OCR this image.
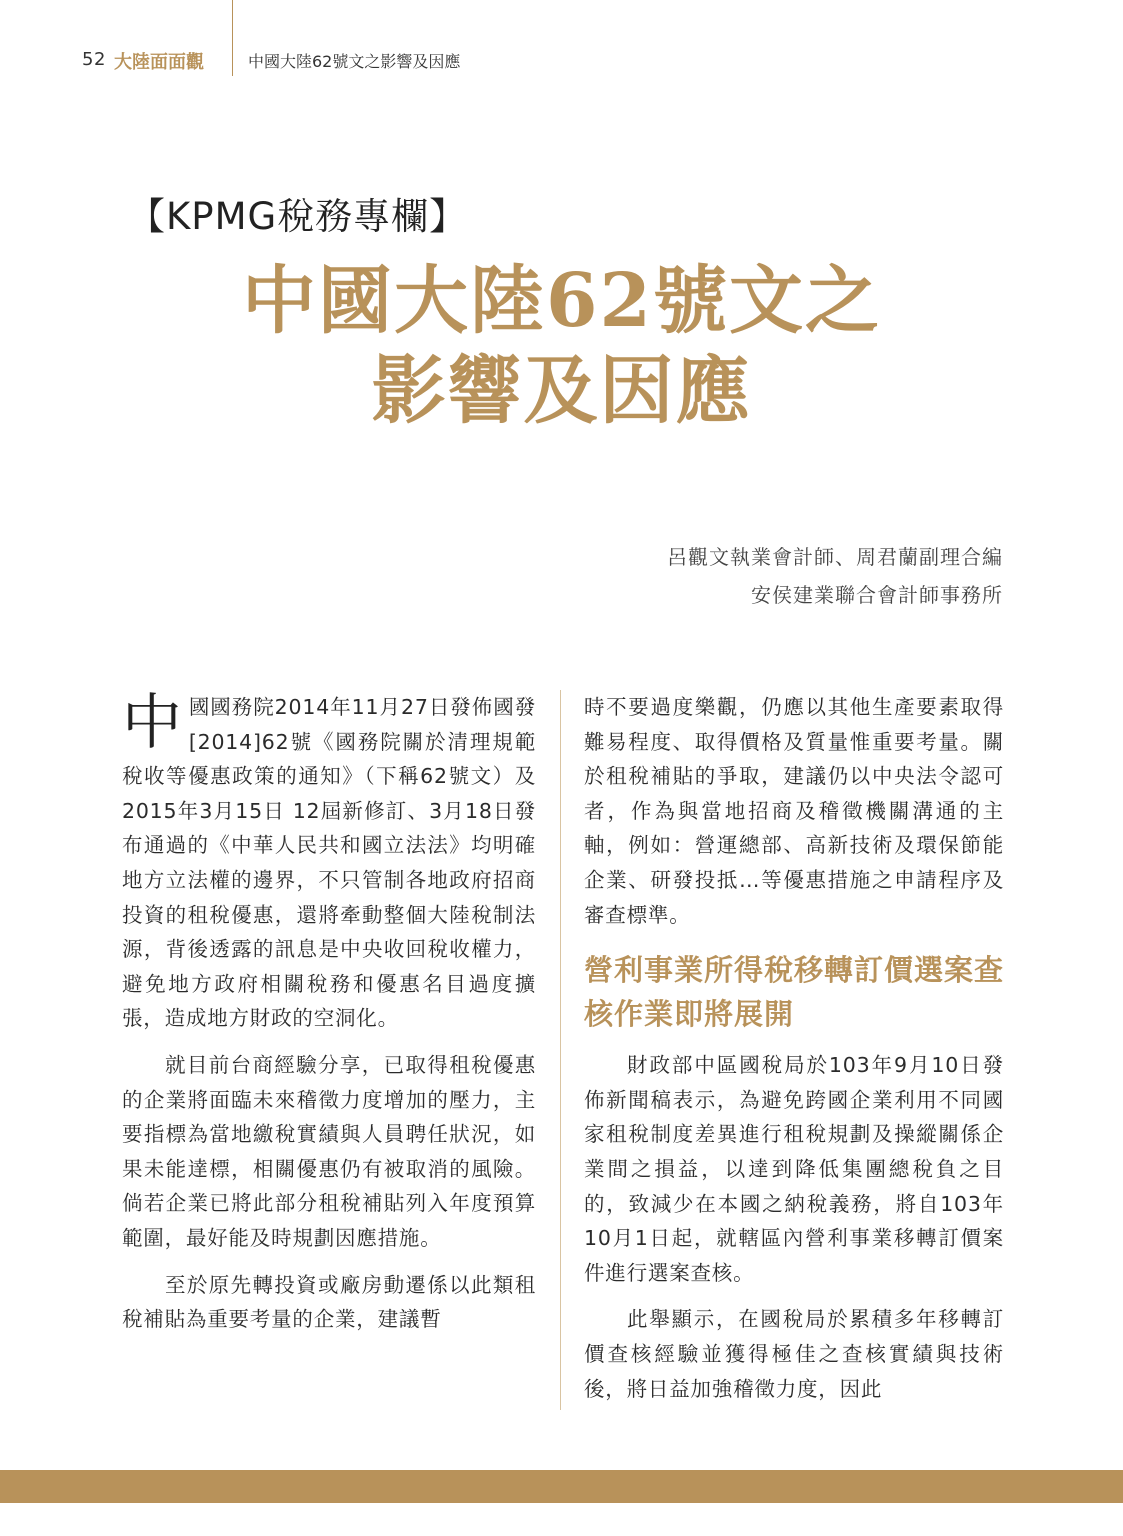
52 大陸面面觀	中國大陸62號文之影響及因應
【KPMG稅務專欄】
中國大陸62號文之
影響及因應
呂觀文執業會計師、周君蘭副理合編
安侯建業聯合會計師事務所

中國國務院2014年11月27日發佈國發[2014]62號《國務院關於清理規範稅收等優惠政策的通知》（下稱62號文）及2015年3月15日 12屆新修訂、3月18日發布通過的《中華人民共和國立法法》均明確地方立法權的邊界，不只管制各地政府招商投資的租稅優惠，還將牽動整個大陸稅制法源，背後透露的訊息是中央收回稅收權力，避免地方政府相關稅務和優惠名目過度擴張，造成地方財政的空洞化。

就目前台商經驗分享，已取得租稅優惠的企業將面臨未來稽徵力度增加的壓力，主要指標為當地繳稅實績與人員聘任狀況，如果未能達標，相關優惠仍有被取消的風險。倘若企業已將此部分租稅補貼列入年度預算範圍，最好能及時規劃因應措施。

至於原先轉投資或廠房動遷係以此類租稅補貼為重要考量的企業，建議暫

時不要過度樂觀，仍應以其他生產要素取得難易程度、取得價格及質量惟重要考量。關於租稅補貼的爭取，建議仍以中央法令認可者，作為與當地招商及稽徵機關溝通的主軸，例如：營運總部、高新技術及環保節能企業、研發投抵…等優惠措施之申請程序及審查標準。

營利事業所得稅移轉訂價選案查核作業即將展開

財政部中區國稅局於103年9月10日發佈新聞稿表示，為避免跨國企業利用不同國家租稅制度差異進行租稅規劃及操縱關係企業間之損益，以達到降低集團總稅負之目的，致減少在本國之納稅義務，將自103年10月1日起，就轄區內營利事業移轉訂價案件進行選案查核。

此舉顯示，在國稅局於累積多年移轉訂價查核經驗並獲得極佳之查核實績與技術後，將日益加強稽徵力度，因此
